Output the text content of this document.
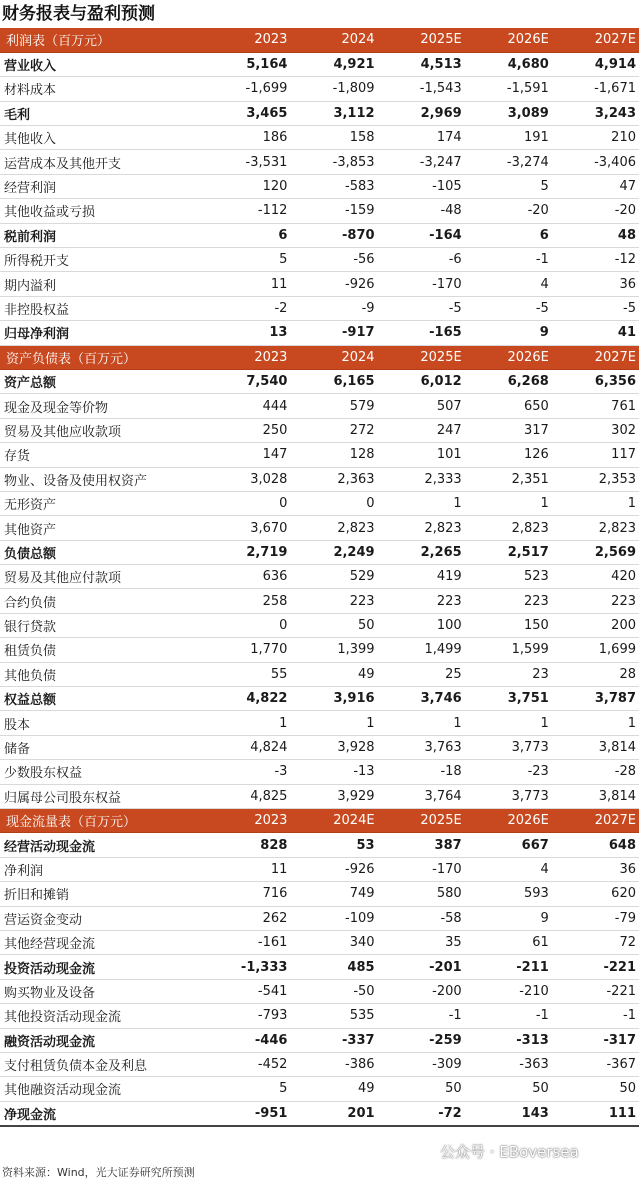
财务报表与盈利预测
利润表（百万元）	2023	2024	2025E	2026E	2027E
营业收入	5,164	4,921	4,513	4,680	4,914
材料成本	-1,699	-1,809	-1,543	-1,591	-1,671
毛利	3,465	3,112	2,969	3,089	3,243
其他收入	186	158	174	191	210
运营成本及其他开支	-3,531	-3,853	-3,247	-3,274	-3,406
经营利润	120	-583	-105	5	47
其他收益或亏损	-112	-159	-48	-20	-20
税前利润	6	-870	-164	6	48
所得税开支	5	-56	-6	-1	-12
期内溢利	11	-926	-170	4	36
非控股权益	-2	-9	-5	-5	-5
归母净利润	13	-917	-165	9	41
资产负债表（百万元）	2023	2024	2025E	2026E	2027E
资产总额	7,540	6,165	6,012	6,268	6,356
现金及现金等价物	444	579	507	650	761
贸易及其他应收款项	250	272	247	317	302
存货	147	128	101	126	117
物业、设备及使用权资产	3,028	2,363	2,333	2,351	2,353
无形资产	0	0	1	1	1
其他资产	3,670	2,823	2,823	2,823	2,823
负债总额	2,719	2,249	2,265	2,517	2,569
贸易及其他应付款项	636	529	419	523	420
合约负债	258	223	223	223	223
银行贷款	0	50	100	150	200
租赁负债	1,770	1,399	1,499	1,599	1,699
其他负债	55	49	25	23	28
权益总额	4,822	3,916	3,746	3,751	3,787
股本	1	1	1	1	1
储备	4,824	3,928	3,763	3,773	3,814
少数股东权益	-3	-13	-18	-23	-28
归属母公司股东权益	4,825	3,929	3,764	3,773	3,814
现金流量表（百万元）	2023	2024E	2025E	2026E	2027E
经营活动现金流	828	53	387	667	648
净利润	11	-926	-170	4	36
折旧和摊销	716	749	580	593	620
营运资金变动	262	-109	-58	9	-79
其他经营现金流	-161	340	35	61	72
投资活动现金流	-1,333	485	-201	-211	-221
购买物业及设备	-541	-50	-200	-210	-221
其他投资活动现金流	-793	535	-1	-1	-1
融资活动现金流	-446	-337	-259	-313	-317
支付租赁负债本金及利息	-452	-386	-309	-363	-367
其他融资活动现金流	5	49	50	50	50
净现金流	-951	201	-72	143	111
资料来源：Wind，光大证券研究所预测
公众号 · EBoversea
